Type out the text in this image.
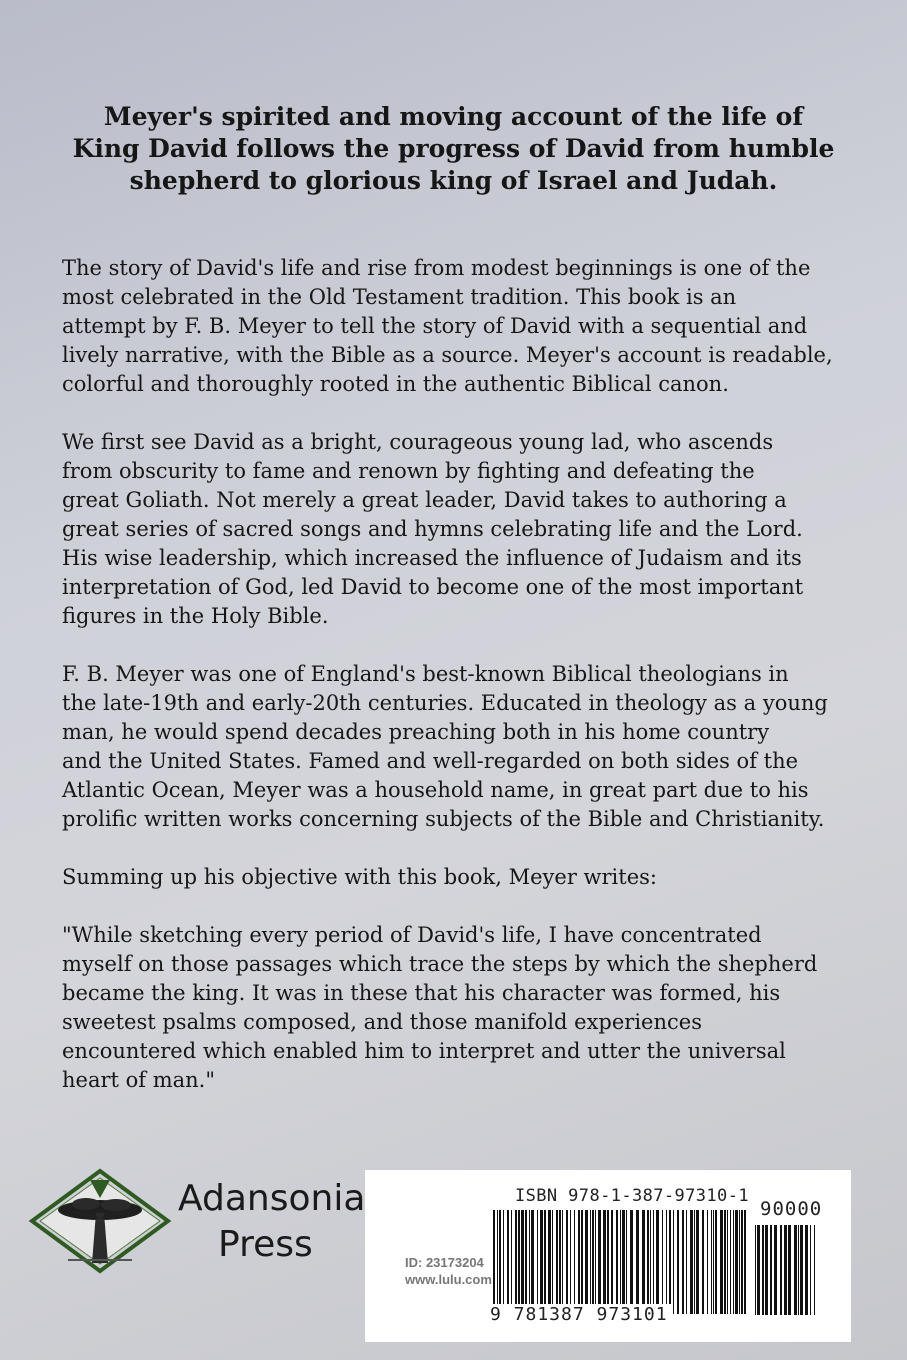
Meyer's spirited and moving account of the life of
King David follows the progress of David from humble
shepherd to glorious king of Israel and Judah.

The story of David's life and rise from modest beginnings is one of the
most celebrated in the Old Testament tradition. This book is an
attempt by F. B. Meyer to tell the story of David with a sequential and
lively narrative, with the Bible as a source. Meyer's account is readable,
colorful and thoroughly rooted in the authentic Biblical canon.

We first see David as a bright, courageous young lad, who ascends
from obscurity to fame and renown by fighting and defeating the
great Goliath. Not merely a great leader, David takes to authoring a
great series of sacred songs and hymns celebrating life and the Lord.
His wise leadership, which increased the influence of Judaism and its
interpretation of God, led David to become one of the most important
figures in the Holy Bible.

F. B. Meyer was one of England's best-known Biblical theologians in
the late-19th and early-20th centuries. Educated in theology as a young
man, he would spend decades preaching both in his home country
and the United States. Famed and well-regarded on both sides of the
Atlantic Ocean, Meyer was a household name, in great part due to his
prolific written works concerning subjects of the Bible and Christianity.

Summing up his objective with this book, Meyer writes:

"While sketching every period of David's life, I have concentrated
myself on those passages which trace the steps by which the shepherd
became the king. It was in these that his character was formed, his
sweetest psalms composed, and those manifold experiences
encountered which enabled him to interpret and utter the universal
heart of man."

Adansonia
Press
ISBN 978-1-387-97310-1
ID: 23173204
www.lulu.com
90000
9 781387 973101
